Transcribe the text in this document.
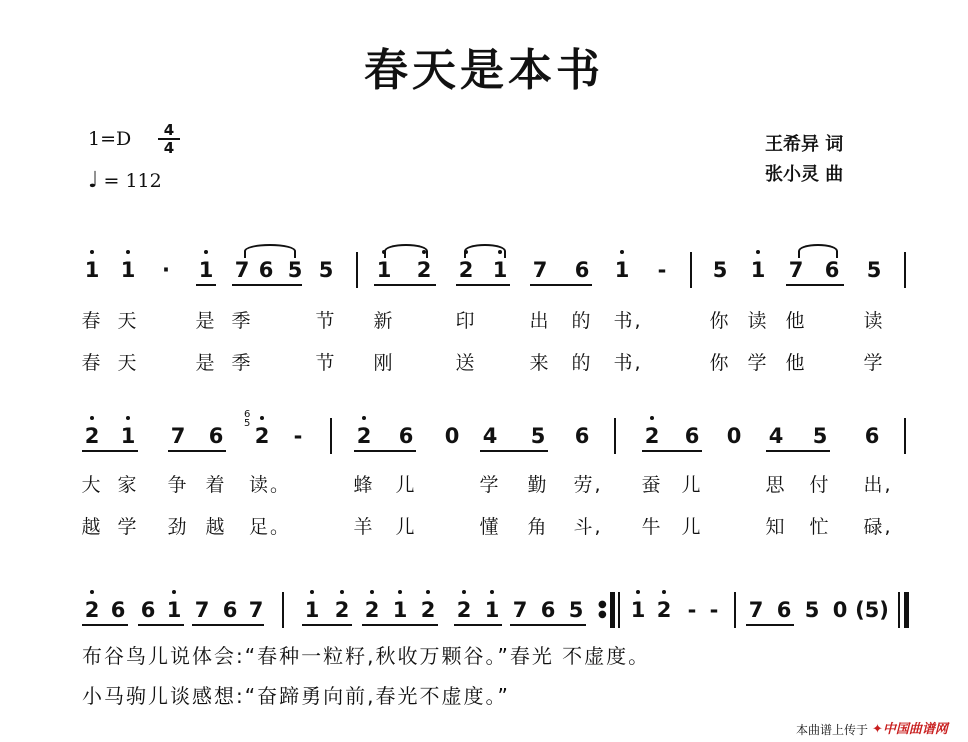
春天是本书
1=D	4
4
♩ = 112
王希异 词
张小灵 曲
1 1 · 1 7 6 5 5 1 2 2 1 7 6 1 - 5 1 7 6 5
春 天	是 季	节 新	印	出 的 书,	你 读 他	读
春 天	是 季	节 刚	送	来 的 书,	你 学 他	学
2 1 7 6
6
5
2 -	2 6 0 4 5 6	2 6 0 4 5 6
大 家 争 着 读。	蜂 儿	学 勤 劳, 蚕 儿	思 付 出,
越 学 劲 越 足。	羊 儿	懂 角 斗, 牛 儿	知 忙 碌,
2 6 6 1 7 6 7 1 2 2 1 2 2 1 7 6 5 ●
● 1 2 - - 7 6 5 0 (5)
布谷鸟儿说体会:“春种一粒籽,秋收万颗谷。”春光 不虚度。
小马驹儿谈感想:“奋蹄勇向前,春光不虚度。”
本曲谱上传于 ✦中国曲谱网
